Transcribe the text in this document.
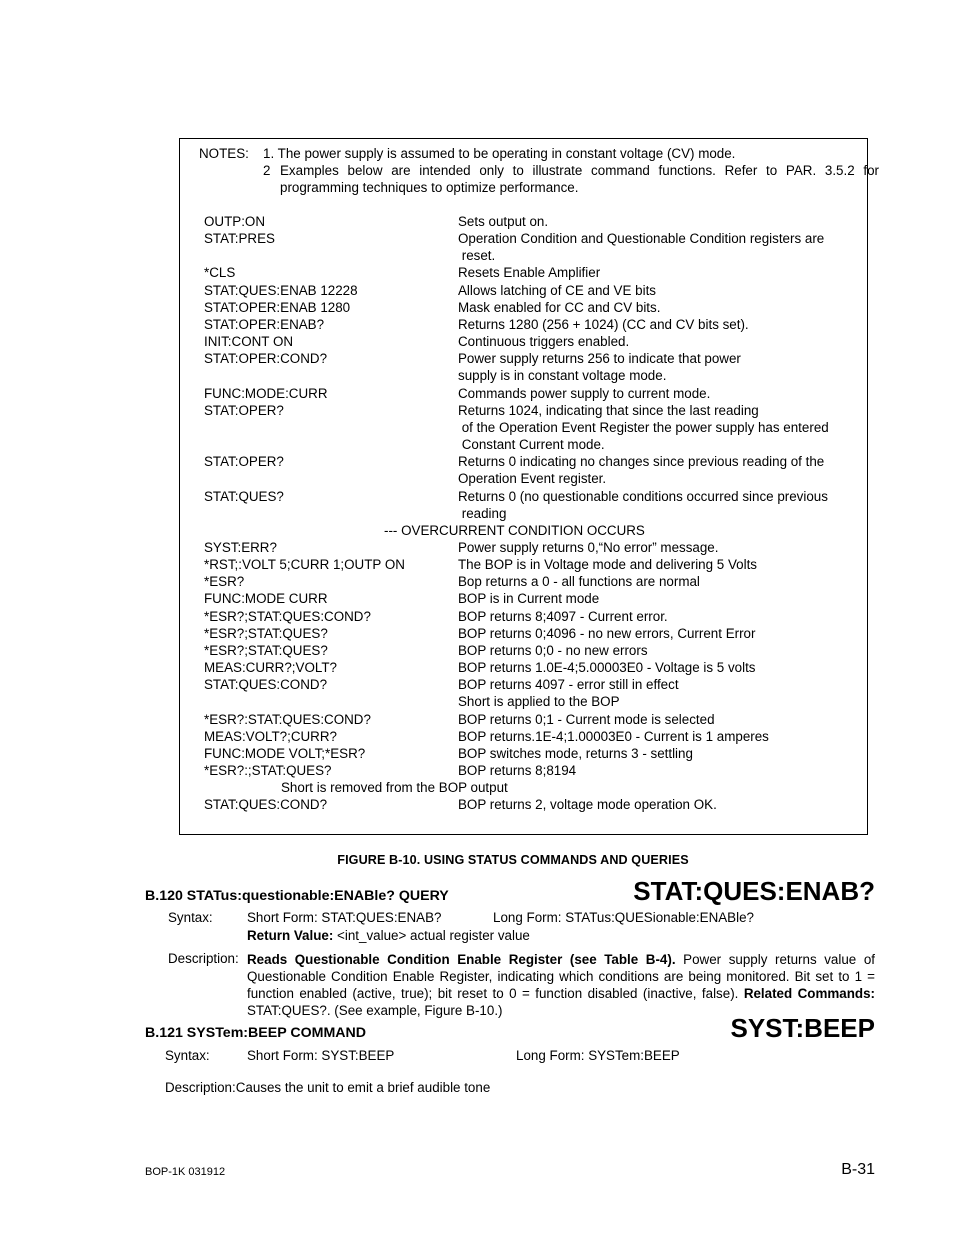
NOTES: 1. The power supply is assumed to be operating in constant voltage (CV) mode.
2 Examples below are intended only to illustrate command functions. Refer to PAR. 3.5.2 for programming techniques to optimize performance.
OUTP:ON	Sets output on.
STAT:PRES	Operation Condition and Questionable Condition registers are
reset.
*CLS	Resets Enable Amplifier
STAT:QUES:ENAB 12228	Allows latching of CE and VE bits
STAT:OPER:ENAB 1280	Mask enabled for CC and CV bits.
STAT:OPER:ENAB?	Returns 1280 (256 + 1024) (CC and CV bits set).
INIT:CONT ON	Continuous triggers enabled.
STAT:OPER:COND?	Power supply returns 256 to indicate that power
supply is in constant voltage mode.
FUNC:MODE:CURR	Commands power supply to current mode.
STAT:OPER?	Returns 1024, indicating that since the last reading
of the Operation Event Register the power supply has entered
Constant Current mode.
STAT:OPER?	Returns 0 indicating no changes since previous reading of the
Operation Event register.
STAT:QUES?	Returns 0 (no questionable conditions occurred since previous
reading
--- OVERCURRENT CONDITION OCCURS
SYST:ERR?	Power supply returns 0,“No error” message.
*RST;:VOLT 5;CURR 1;OUTP ON	The BOP is in Voltage mode and delivering 5 Volts
*ESR?	Bop returns a 0 - all functions are normal
FUNC:MODE CURR	BOP is in Current mode
*ESR?;STAT:QUES:COND?	BOP returns 8;4097 - Current error.
*ESR?;STAT:QUES?	BOP returns 0;4096 - no new errors, Current Error
*ESR?;STAT:QUES?	BOP returns 0;0 - no new errors
MEAS:CURR?;VOLT?	BOP returns 1.0E-4;5.00003E0 - Voltage is 5 volts
STAT:QUES:COND?	BOP returns 4097 - error still in effect
Short is applied to the BOP
*ESR?:STAT:QUES:COND?	BOP returns 0;1 - Current mode is selected
MEAS:VOLT?;CURR?	BOP returns.1E-4;1.00003E0 - Current is 1 amperes
FUNC:MODE VOLT;*ESR?	BOP switches mode, returns 3 - settling
*ESR?:;STAT:QUES?	BOP returns 8;8194
Short is removed from the BOP output
STAT:QUES:COND?	BOP returns 2, voltage mode operation OK.
FIGURE B-10. USING STATUS COMMANDS AND QUERIES
B.120 STATus:questionable:ENABle? QUERY	STAT:QUES:ENAB?
Syntax:	Short Form: STAT:QUES:ENAB?	Long Form: STATus:QUESionable:ENABle?
Return Value: <int_value> actual register value
Description: Reads Questionable Condition Enable Register (see Table B-4). Power supply returns value of Questionable Condition Enable Register, indicating which conditions are being monitored. Bit set to 1 = function enabled (active, true); bit reset to 0 = function disabled (inactive, false). Related Commands: STAT:QUES?. (See example, Figure B-10.)
B.121 SYSTem:BEEP COMMAND	SYST:BEEP
Syntax:	Short Form: SYST:BEEP	Long Form: SYSTem:BEEP
Description:Causes the unit to emit a brief audible tone
BOP-1K 031912	B-31
